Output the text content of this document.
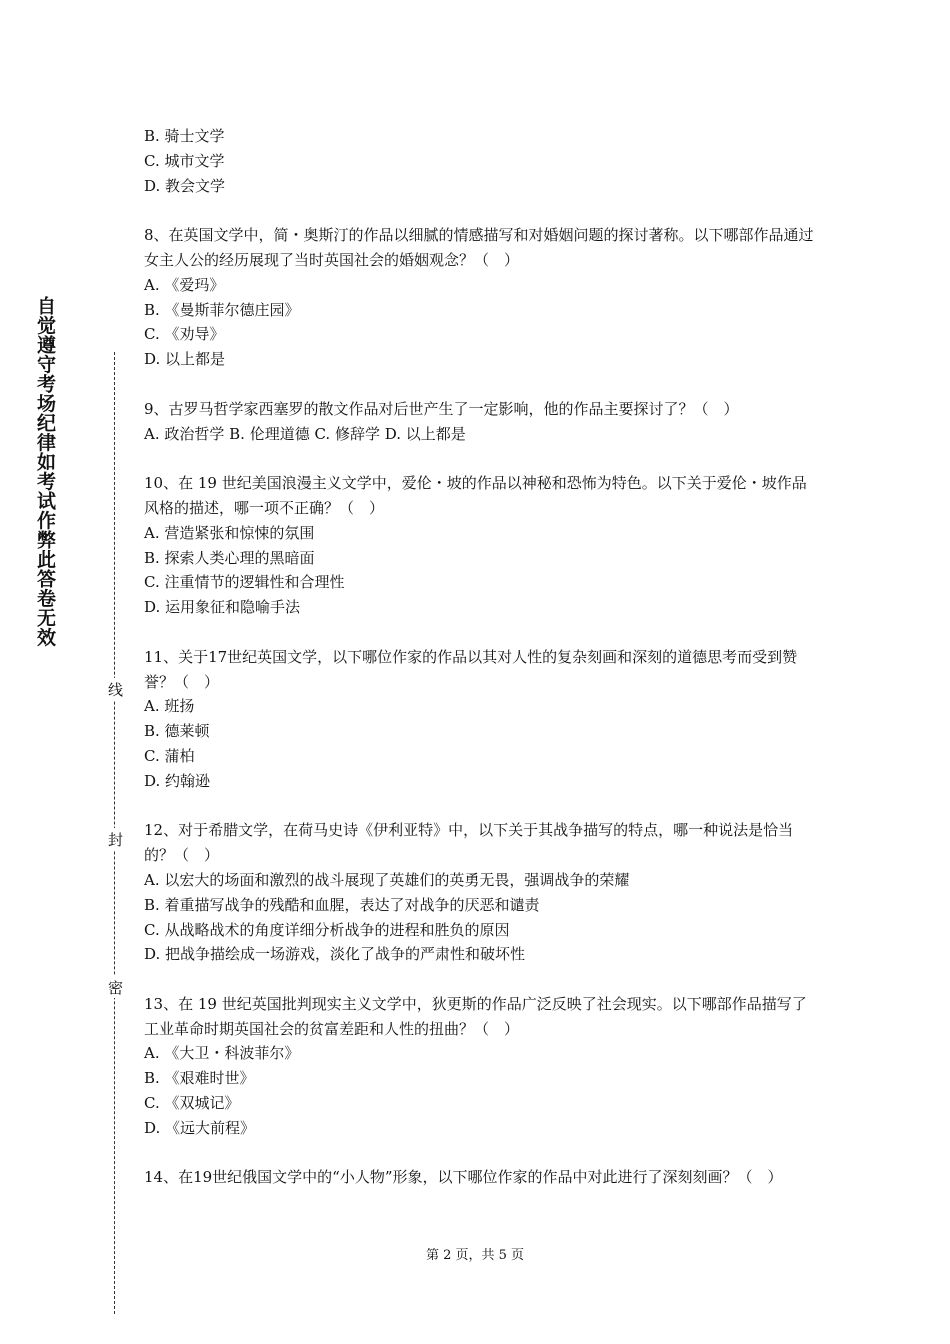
自觉遵守考场纪律如考试作弊此答卷无效
线
封
密
B. 骑士文学
C. 城市文学
D. 教会文学
8、在英国文学中，简・奥斯汀的作品以细腻的情感描写和对婚姻问题的探讨著称。以下哪部作品通过女主人公的经历展现了当时英国社会的婚姻观念？（　）
A. 《爱玛》
B. 《曼斯菲尔德庄园》
C. 《劝导》
D. 以上都是
9、古罗马哲学家西塞罗的散文作品对后世产生了一定影响，他的作品主要探讨了？（　）
A. 政治哲学 B. 伦理道德 C. 修辞学 D. 以上都是
10、在 19 世纪美国浪漫主义文学中，爱伦・坡的作品以神秘和恐怖为特色。以下关于爱伦・坡作品风格的描述，哪一项不正确？（　）
A. 营造紧张和惊悚的氛围
B. 探索人类心理的黑暗面
C. 注重情节的逻辑性和合理性
D. 运用象征和隐喻手法
11、关于17世纪英国文学，以下哪位作家的作品以其对人性的复杂刻画和深刻的道德思考而受到赞誉？（　）
A. 班扬
B. 德莱顿
C. 蒲柏
D. 约翰逊
12、对于希腊文学，在荷马史诗《伊利亚特》中，以下关于其战争描写的特点，哪一种说法是恰当的？（　）
A. 以宏大的场面和激烈的战斗展现了英雄们的英勇无畏，强调战争的荣耀
B. 着重描写战争的残酷和血腥，表达了对战争的厌恶和谴责
C. 从战略战术的角度详细分析战争的进程和胜负的原因
D. 把战争描绘成一场游戏，淡化了战争的严肃性和破坏性
13、在 19 世纪英国批判现实主义文学中，狄更斯的作品广泛反映了社会现实。以下哪部作品描写了工业革命时期英国社会的贫富差距和人性的扭曲？（　）
A. 《大卫・科波菲尔》
B. 《艰难时世》
C. 《双城记》
D. 《远大前程》
14、在19世纪俄国文学中的“小人物”形象，以下哪位作家的作品中对此进行了深刻刻画？（　）
第 2 页，共 5 页
